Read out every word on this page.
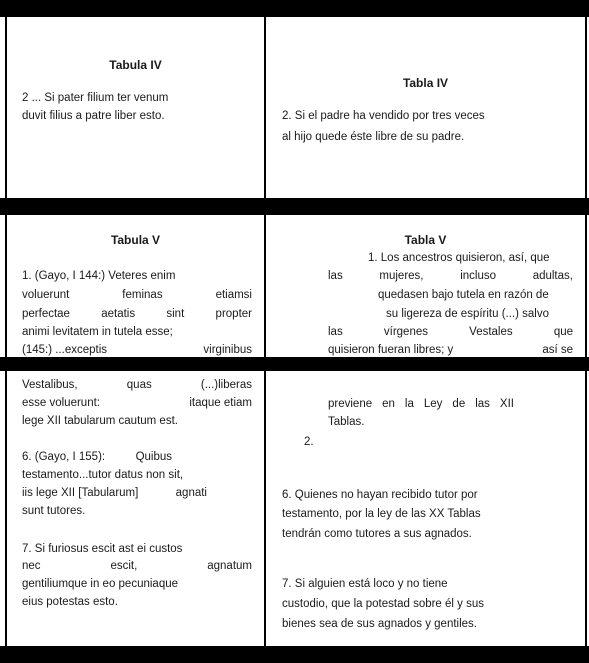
Tabula IV
2 ... Si pater filium ter venum
duvit filius a patre liber esto.
Tabla IV
2. Si el padre ha vendido por tres veces
al hijo quede éste libre de su padre.
Tabula V	Tabla V
1. (Gayo, I 144:) Veteres enim
voluerunt	feminas	etiamsi
perfectae	aetatis	sint	propter
animi levitatem in tutela esse;
(145:) ...exceptis	virginibus
1. Los ancestros quisieron, así, que
las	mujeres,	incluso	adultas,
quedasen bajo tutela en razón de
su ligereza de espíritu (...) salvo
las	vírgenes	Vestales	que
quisieron fueran libres; y	así se
Vestalibus,	quas	(...)liberas
esse voluerunt:	itaque etiam
lege XII tabularum cautum est.
6. (Gayo, I 155):	Quibus
testamento...tutor datus non sit,
iis lege XII [Tabularum]	agnati
sunt tutores.
7. Si furiosus escit ast ei custos
nec	escit,	agnatum
gentiliumque in eo pecuniaque
eius potestas esto.
previene en la Ley de las XII
Tablas.
2.
6. Quienes no hayan recibido tutor por
testamento, por la ley de las XX Tablas
tendrán como tutores a sus agnados.
7. Si alguien está loco y no tiene
custodio, que la potestad sobre él y sus
bienes sea de sus agnados y gentiles.
